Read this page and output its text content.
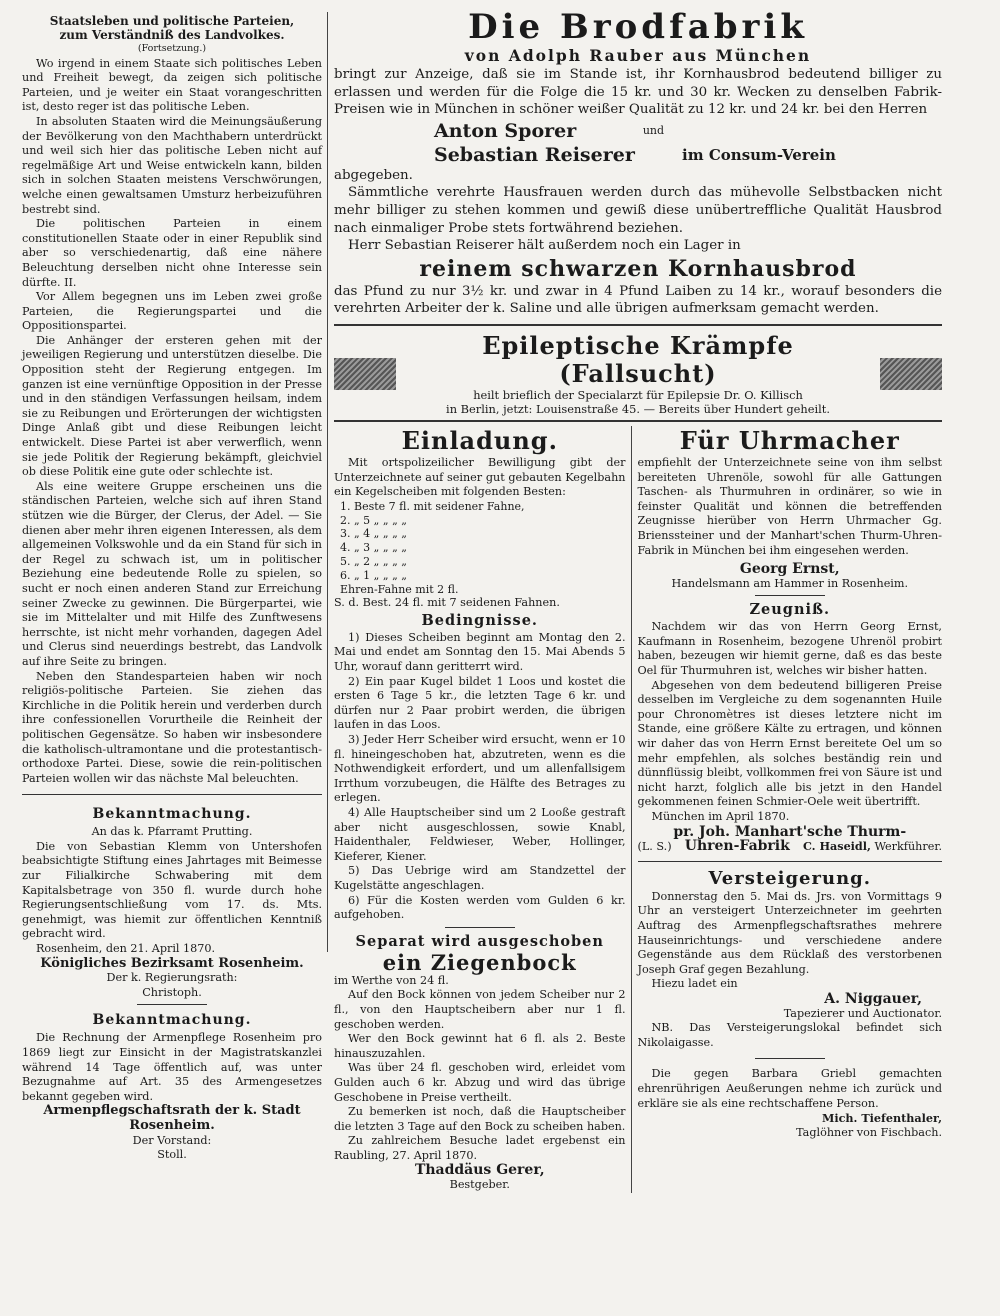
Staatsleben und politische Parteien,
zum Verständniß des Landvolkes.
(Fortsetzung.)

Wo irgend in einem Staate sich politisches Leben und Freiheit bewegt, da zeigen sich politische Parteien, und je weiter ein Staat vorangeschritten ist, desto reger ist das politische Leben.

In absoluten Staaten wird die Meinungsäußerung der Bevölkerung von den Machthabern unterdrückt und weil sich hier das politische Leben nicht auf regelmäßige Art und Weise entwickeln kann, bilden sich in solchen Staaten meistens Verschwörungen, welche einen gewaltsamen Umsturz herbeizuführen bestrebt sind.

Die politischen Parteien in einem constitutionellen Staate oder in einer Republik sind aber so verschiedenartig, daß eine nähere Beleuchtung derselben nicht ohne Interesse sein dürfte. II.

Vor Allem begegnen uns im Leben zwei große Parteien, die Regierungspartei und die Oppositionspartei.

Die Anhänger der ersteren gehen mit der jeweiligen Regierung und unterstützen dieselbe. Die Opposition steht der Regierung entgegen. Im ganzen ist eine vernünftige Opposition in der Presse und in den ständigen Verfassungen heilsam, indem sie zu Reibungen und Erörterungen der wichtigsten Dinge Anlaß gibt und diese Reibungen leicht entwickelt. Diese Partei ist aber verwerflich, wenn sie jede Politik der Regierung bekämpft, gleichviel ob diese Politik eine gute oder schlechte ist.

Als eine weitere Gruppe erscheinen uns die ständischen Parteien, welche sich auf ihren Stand stützen wie die Bürger, der Clerus, der Adel. — Sie dienen aber mehr ihren eigenen Interessen, als dem allgemeinen Volkswohle und da ein Stand für sich in der Regel zu schwach ist, um in politischer Beziehung eine bedeutende Rolle zu spielen, so sucht er noch einen anderen Stand zur Erreichung seiner Zwecke zu gewinnen. Die Bürgerpartei, wie sie im Mittelalter und mit Hilfe des Zunftwesens herrschte, ist nicht mehr vorhanden, dagegen Adel und Clerus sind neuerdings bestrebt, das Landvolk auf ihre Seite zu bringen.

Neben den Standesparteien haben wir noch religiös-politische Parteien. Sie ziehen das Kirchliche in die Politik herein und verderben durch ihre confessionellen Vorurtheile die Reinheit der politischen Gegensätze. So haben wir insbesondere die katholisch-ultramontane und die protestantisch-orthodoxe Partei. Diese, sowie die rein-politischen Parteien wollen wir das nächste Mal beleuchten.

Bekanntmachung.
An das k. Pfarramt Prutting.

Die von Sebastian Klemm von Untershofen beabsichtigte Stiftung eines Jahrtages mit Beimesse zur Filialkirche Schwabering mit dem Kapitalsbetrage von 350 fl. wurde durch hohe Regierungsentschließung vom 17. ds. Mts. genehmigt, was hiemit zur öffentlichen Kenntniß gebracht wird.

Rosenheim, den 21. April 1870.

Königliches Bezirksamt Rosenheim.
Der k. Regierungsrath:
Christoph.
Bekanntmachung.

Die Rechnung der Armenpflege Rosenheim pro 1869 liegt zur Einsicht in der Magistratskanzlei während 14 Tage öffentlich auf, was unter Bezugnahme auf Art. 35 des Armengesetzes bekannt gegeben wird.

Armenpflegschaftsrath der k. Stadt Rosenheim.
Der Vorstand:
Stoll.
Die Brodfabrik
von Adolph Rauber aus München
bringt zur Anzeige, daß sie im Stande ist, ihr Kornhausbrod bedeutend billiger zu erlassen und werden für die Folge die 15 kr. und 30 kr. Wecken zu denselben Fabrik-Preisen wie in München in schöner weißer Qualität zu 12 kr. und 24 kr. bei den Herren
Anton Sporer
Sebastian Reiserer
und
im Consum-Verein
abgegeben.

Sämmtliche verehrte Hausfrauen werden durch das mühevolle Selbstbacken nicht mehr billiger zu stehen kommen und gewiß diese unübertreffliche Qualität Hausbrod nach einmaliger Probe stets fortwährend beziehen.

Herr Sebastian Reiserer hält außerdem noch ein Lager in

reinem schwarzen Kornhausbrod
das Pfund zu nur 3½ kr. und zwar in 4 Pfund Laiben zu 14 kr., worauf besonders die verehrten Arbeiter der k. Saline und alle übrigen aufmerksam gemacht werden.
Epileptische Krämpfe (Fallsucht)
heilt brieflich der Specialarzt für Epilepsie Dr. O. Killisch
in Berlin, jetzt: Louisenstraße 45. — Bereits über Hundert geheilt.
Einladung.

Mit ortspolizeilicher Bewilligung gibt der Unterzeichnete auf seiner gut gebauten Kegelbahn ein Kegelscheiben mit folgenden Besten:

1. Beste 7 fl. mit seidener Fahne,
2. „ 5 „ „ „ „
3. „ 4 „ „ „ „
4. „ 3 „ „ „ „
5. „ 2 „ „ „ „
6. „ 1 „ „ „ „
Ehren-Fahne mit 2 fl.
S. d. Best. 24 fl. mit 7 seidenen Fahnen.
Bedingnisse.

1) Dieses Scheiben beginnt am Montag den 2. Mai und endet am Sonntag den 15. Mai Abends 5 Uhr, worauf dann geritterrt wird.

2) Ein paar Kugel bildet 1 Loos und kostet die ersten 6 Tage 5 kr., die letzten Tage 6 kr. und dürfen nur 2 Paar probirt werden, die übrigen laufen in das Loos.

3) Jeder Herr Scheiber wird ersucht, wenn er 10 fl. hineingeschoben hat, abzutreten, wenn es die Nothwendigkeit erfordert, und um allenfallsigem Irrthum vorzubeugen, die Hälfte des Betrages zu erlegen.

4) Alle Hauptscheiber sind um 2 Looße gestraft aber nicht ausgeschlossen, sowie Knabl, Haidenthaler, Feldwieser, Weber, Hollinger, Kieferer, Kiener.

5) Das Uebrige wird am Standzettel der Kugelstätte angeschlagen.

6) Für die Kosten werden vom Gulden 6 kr. aufgehoben.

Separat wird ausgeschoben
ein Ziegenbock
im Werthe von 24 fl.

Auf den Bock können von jedem Scheiber nur 2 fl., von den Hauptscheibern aber nur 1 fl. geschoben werden.

Wer den Bock gewinnt hat 6 fl. als 2. Beste hinauszuzahlen.

Was über 24 fl. geschoben wird, erleidet vom Gulden auch 6 kr. Abzug und wird das übrige Geschobene in Preise vertheilt.

Zu bemerken ist noch, daß die Hauptscheiber die letzten 3 Tage auf den Bock zu scheiben haben.

Zu zahlreichem Besuche ladet ergebenst ein Raubling, 27. April 1870.

Thaddäus Gerer,
Bestgeber.
Für Uhrmacher
empfiehlt der Unterzeichnete seine von ihm selbst bereiteten Uhrenöle, sowohl für alle Gattungen Taschen- als Thurmuhren in ordinärer, so wie in feinster Qualität und können die betreffenden Zeugnisse hierüber von Herrn Uhrmacher Gg. Brienssteiner und der Manhart'schen Thurm-Uhren-Fabrik in München bei ihm eingesehen werden.
Georg Ernst,
Handelsmann am Hammer in Rosenheim.
Zeugniß.

Nachdem wir das von Herrn Georg Ernst, Kaufmann in Rosenheim, bezogene Uhrenöl probirt haben, bezeugen wir hiemit gerne, daß es das beste Oel für Thurmuhren ist, welches wir bisher hatten.

Abgesehen von dem bedeutend billigeren Preise desselben im Vergleiche zu dem sogenannten Huile pour Chronomètres ist dieses letztere nicht im Stande, eine größere Kälte zu ertragen, und können wir daher das von Herrn Ernst bereitete Oel um so mehr empfehlen, als solches beständig rein und dünnflüssig bleibt, vollkommen frei von Säure ist und nicht harzt, folglich alle bis jetzt in den Handel gekommenen feinen Schmier-Oele weit übertrifft.

München im April 1870.

pr. Joh. Manhart'sche Thurm-
(L. S.) Uhren-Fabrik C. Haseidl, Werkführer.
Versteigerung.

Donnerstag den 5. Mai ds. Jrs. von Vormittags 9 Uhr an versteigert Unterzeichneter im geehrten Auftrag des Armenpflegschaftsrathes mehrere Hauseinrichtungs- und verschiedene andere Gegenstände aus dem Rücklaß des verstorbenen Joseph Graf gegen Bezahlung.

Hiezu ladet ein

A. Niggauer,
Tapezierer und Auctionator.

NB. Das Versteigerungslokal befindet sich Nikolaigasse.

Die gegen Barbara Griebl gemachten ehrenrührigen Aeußerungen nehme ich zurück und erkläre sie als eine rechtschaffene Person.

Mich. Tiefenthaler,
Taglöhner von Fischbach.
